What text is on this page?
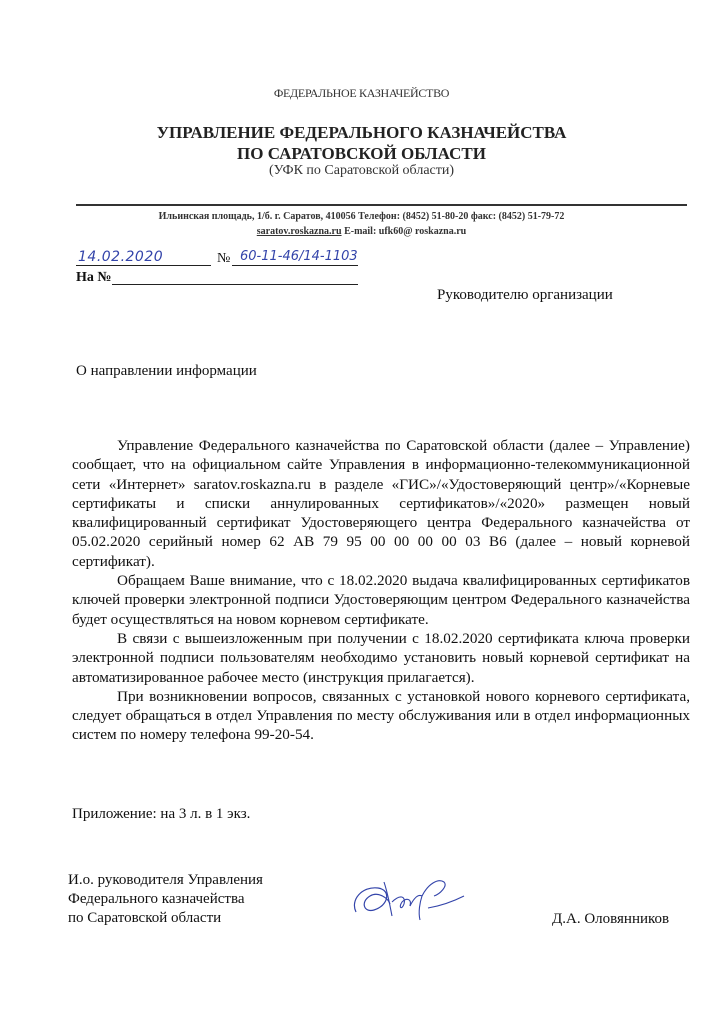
ФЕДЕРАЛЬНОЕ КАЗНАЧЕЙСТВО
УПРАВЛЕНИЕ ФЕДЕРАЛЬНОГО КАЗНАЧЕЙСТВА
ПО САРАТОВСКОЙ ОБЛАСТИ
(УФК по Саратовской области)
Ильинская площадь, 1/б. г. Саратов, 410056 Телефон: (8452) 51-80-20 факс: (8452) 51-79-72
saratov.roskazna.ru E-mail: ufk60@ roskazna.ru
14.02.2020	№ 60-11-46/14-1103
На №
Руководителю организации
О направлении информации

Управление Федерального казначейства по Саратовской области (далее – Управление) сообщает, что на официальном сайте Управления в информационно-телекоммуникационной сети «Интернет» saratov.roskazna.ru в разделе «ГИС»/«Удостоверяющий центр»/«Корневые сертификаты и списки аннулированных сертификатов»/«2020» размещен новый квалифицированный сертификат Удостоверяющего центра Федерального казначейства от 05.02.2020 серийный номер 62 AB 79 95 00 00 00 00 03 B6 (далее – новый корневой сертификат).

Обращаем Ваше внимание, что с 18.02.2020 выдача квалифицированных сертификатов ключей проверки электронной подписи Удостоверяющим центром Федерального казначейства будет осуществляться на новом корневом сертификате.

В связи с вышеизложенным при получении с 18.02.2020 сертификата ключа проверки электронной подписи пользователям необходимо установить новый корневой сертификат на автоматизированное рабочее место (инструкция прилагается).

При возникновении вопросов, связанных с установкой нового корневого сертификата, следует обращаться в отдел Управления по месту обслуживания или в отдел информационных систем по номеру телефона 99-20-54.

Приложение: на 3 л. в 1 экз.
И.о. руководителя Управления
Федерального казначейства
по Саратовской области	Д.А. Оловянников
